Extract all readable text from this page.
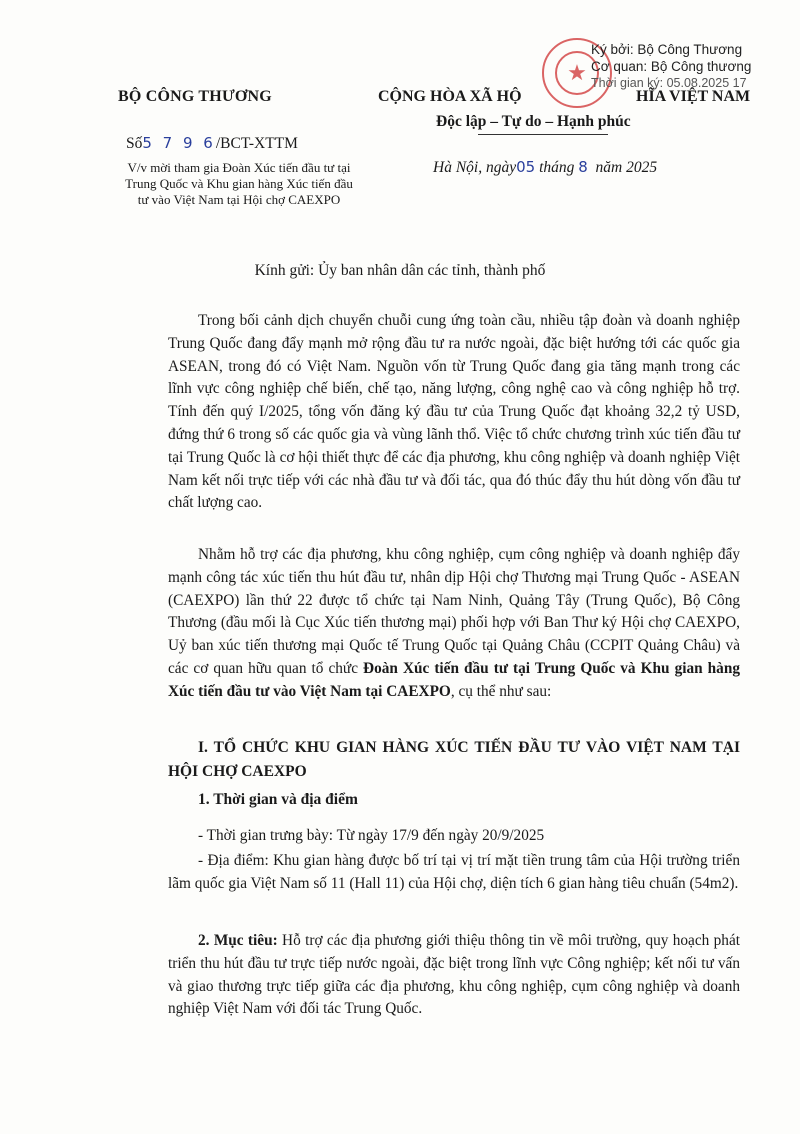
★
Ký bởi: Bộ Công Thương
Cơ quan: Bộ Công thương
Thời gian ký: 05.08.2025 17
BỘ CÔNG THƯƠNG	CỘNG HÒA XÃ HỘ	HĨA VIỆT NAM
Độc lập – Tự do – Hạnh phúc
Số5 7 9 6/BCT-XTTM
V/v mời tham gia Đoàn Xúc tiến đầu tư tại Trung Quốc và Khu gian hàng Xúc tiến đầu tư vào Việt Nam tại Hội chợ CAEXPO
Hà Nội, ngày05 tháng 8 năm 2025
Kính gửi: Ủy ban nhân dân các tỉnh, thành phố
Trong bối cảnh dịch chuyển chuỗi cung ứng toàn cầu, nhiều tập đoàn và doanh nghiệp Trung Quốc đang đẩy mạnh mở rộng đầu tư ra nước ngoài, đặc biệt hướng tới các quốc gia ASEAN, trong đó có Việt Nam. Nguồn vốn từ Trung Quốc đang gia tăng mạnh trong các lĩnh vực công nghiệp chế biến, chế tạo, năng lượng, công nghệ cao và công nghiệp hỗ trợ. Tính đến quý I/2025, tổng vốn đăng ký đầu tư của Trung Quốc đạt khoảng 32,2 tỷ USD, đứng thứ 6 trong số các quốc gia và vùng lãnh thổ. Việc tổ chức chương trình xúc tiến đầu tư tại Trung Quốc là cơ hội thiết thực để các địa phương, khu công nghiệp và doanh nghiệp Việt Nam kết nối trực tiếp với các nhà đầu tư và đối tác, qua đó thúc đẩy thu hút dòng vốn đầu tư chất lượng cao.
Nhằm hỗ trợ các địa phương, khu công nghiệp, cụm công nghiệp và doanh nghiệp đẩy mạnh công tác xúc tiến thu hút đầu tư, nhân dịp Hội chợ Thương mại Trung Quốc - ASEAN (CAEXPO) lần thứ 22 được tổ chức tại Nam Ninh, Quảng Tây (Trung Quốc), Bộ Công Thương (đầu mối là Cục Xúc tiến thương mại) phối hợp với Ban Thư ký Hội chợ CAEXPO, Uỷ ban xúc tiến thương mại Quốc tế Trung Quốc tại Quảng Châu (CCPIT Quảng Châu) và các cơ quan hữu quan tổ chức Đoàn Xúc tiến đầu tư tại Trung Quốc và Khu gian hàng Xúc tiến đầu tư vào Việt Nam tại CAEXPO, cụ thể như sau:
I. TỔ CHỨC KHU GIAN HÀNG XÚC TIẾN ĐẦU TƯ VÀO VIỆT NAM TẠI HỘI CHỢ CAEXPO
1. Thời gian và địa điểm
- Thời gian trưng bày: Từ ngày 17/9 đến ngày 20/9/2025
- Địa điểm: Khu gian hàng được bố trí tại vị trí mặt tiền trung tâm của Hội trường triển lãm quốc gia Việt Nam số 11 (Hall 11) của Hội chợ, diện tích 6 gian hàng tiêu chuẩn (54m2).
2. Mục tiêu: Hỗ trợ các địa phương giới thiệu thông tin về môi trường, quy hoạch phát triển thu hút đầu tư trực tiếp nước ngoài, đặc biệt trong lĩnh vực Công nghiệp; kết nối tư vấn và giao thương trực tiếp giữa các địa phương, khu công nghiệp, cụm công nghiệp và doanh nghiệp Việt Nam với đối tác Trung Quốc.
